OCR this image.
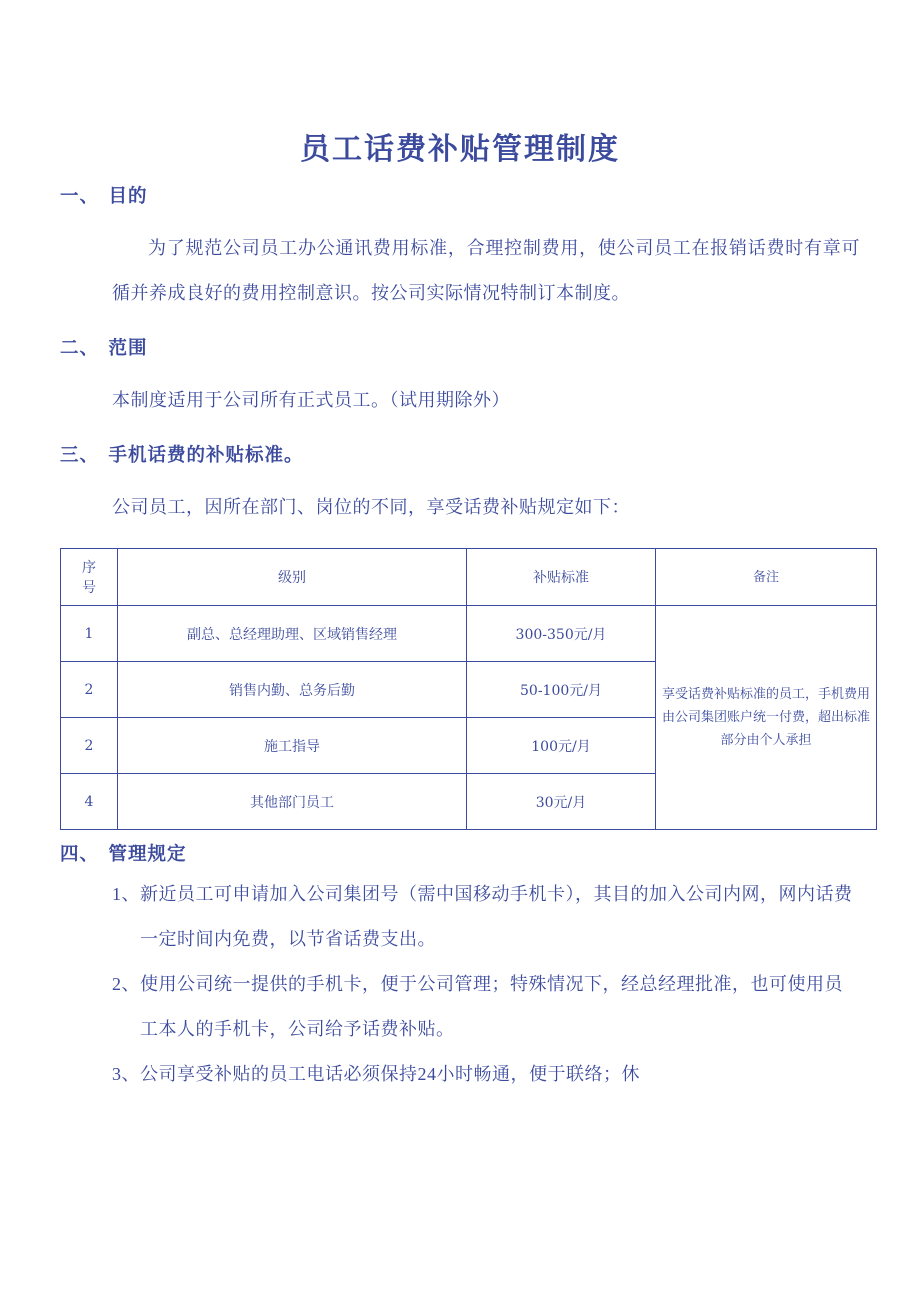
员工话费补贴管理制度
一、 目的

为了规范公司员工办公通讯费用标准，合理控制费用，使公司员工在报销话费时有章可循并养成良好的费用控制意识。按公司实际情况特制订本制度。

二、 范围

本制度适用于公司所有正式员工。（试用期除外）

三、 手机话费的补贴标准。

公司员工，因所在部门、岗位的不同，享受话费补贴规定如下：

序
号	级别	补贴标准	备注
1	副总、总经理助理、区域销售经理	300-350元/月	享受话费补贴标准的员工，手机费用由公司集团账户统一付费，超出标准部分由个人承担
2	销售内勤、总务后勤	50-100元/月	
2	施工指导	100元/月	
4	其他部门员工	30元/月	
四、 管理规定
1、 新近员工可申请加入公司集团号（需中国移动手机卡），其目的加入公司内网，网内话费一定时间内免费，以节省话费支出。
2、 使用公司统一提供的手机卡，便于公司管理；特殊情况下，经总经理批准，也可使用员工本人的手机卡，公司给予话费补贴。
3、 公司享受补贴的员工电话必须保持24小时畅通，便于联络；休
